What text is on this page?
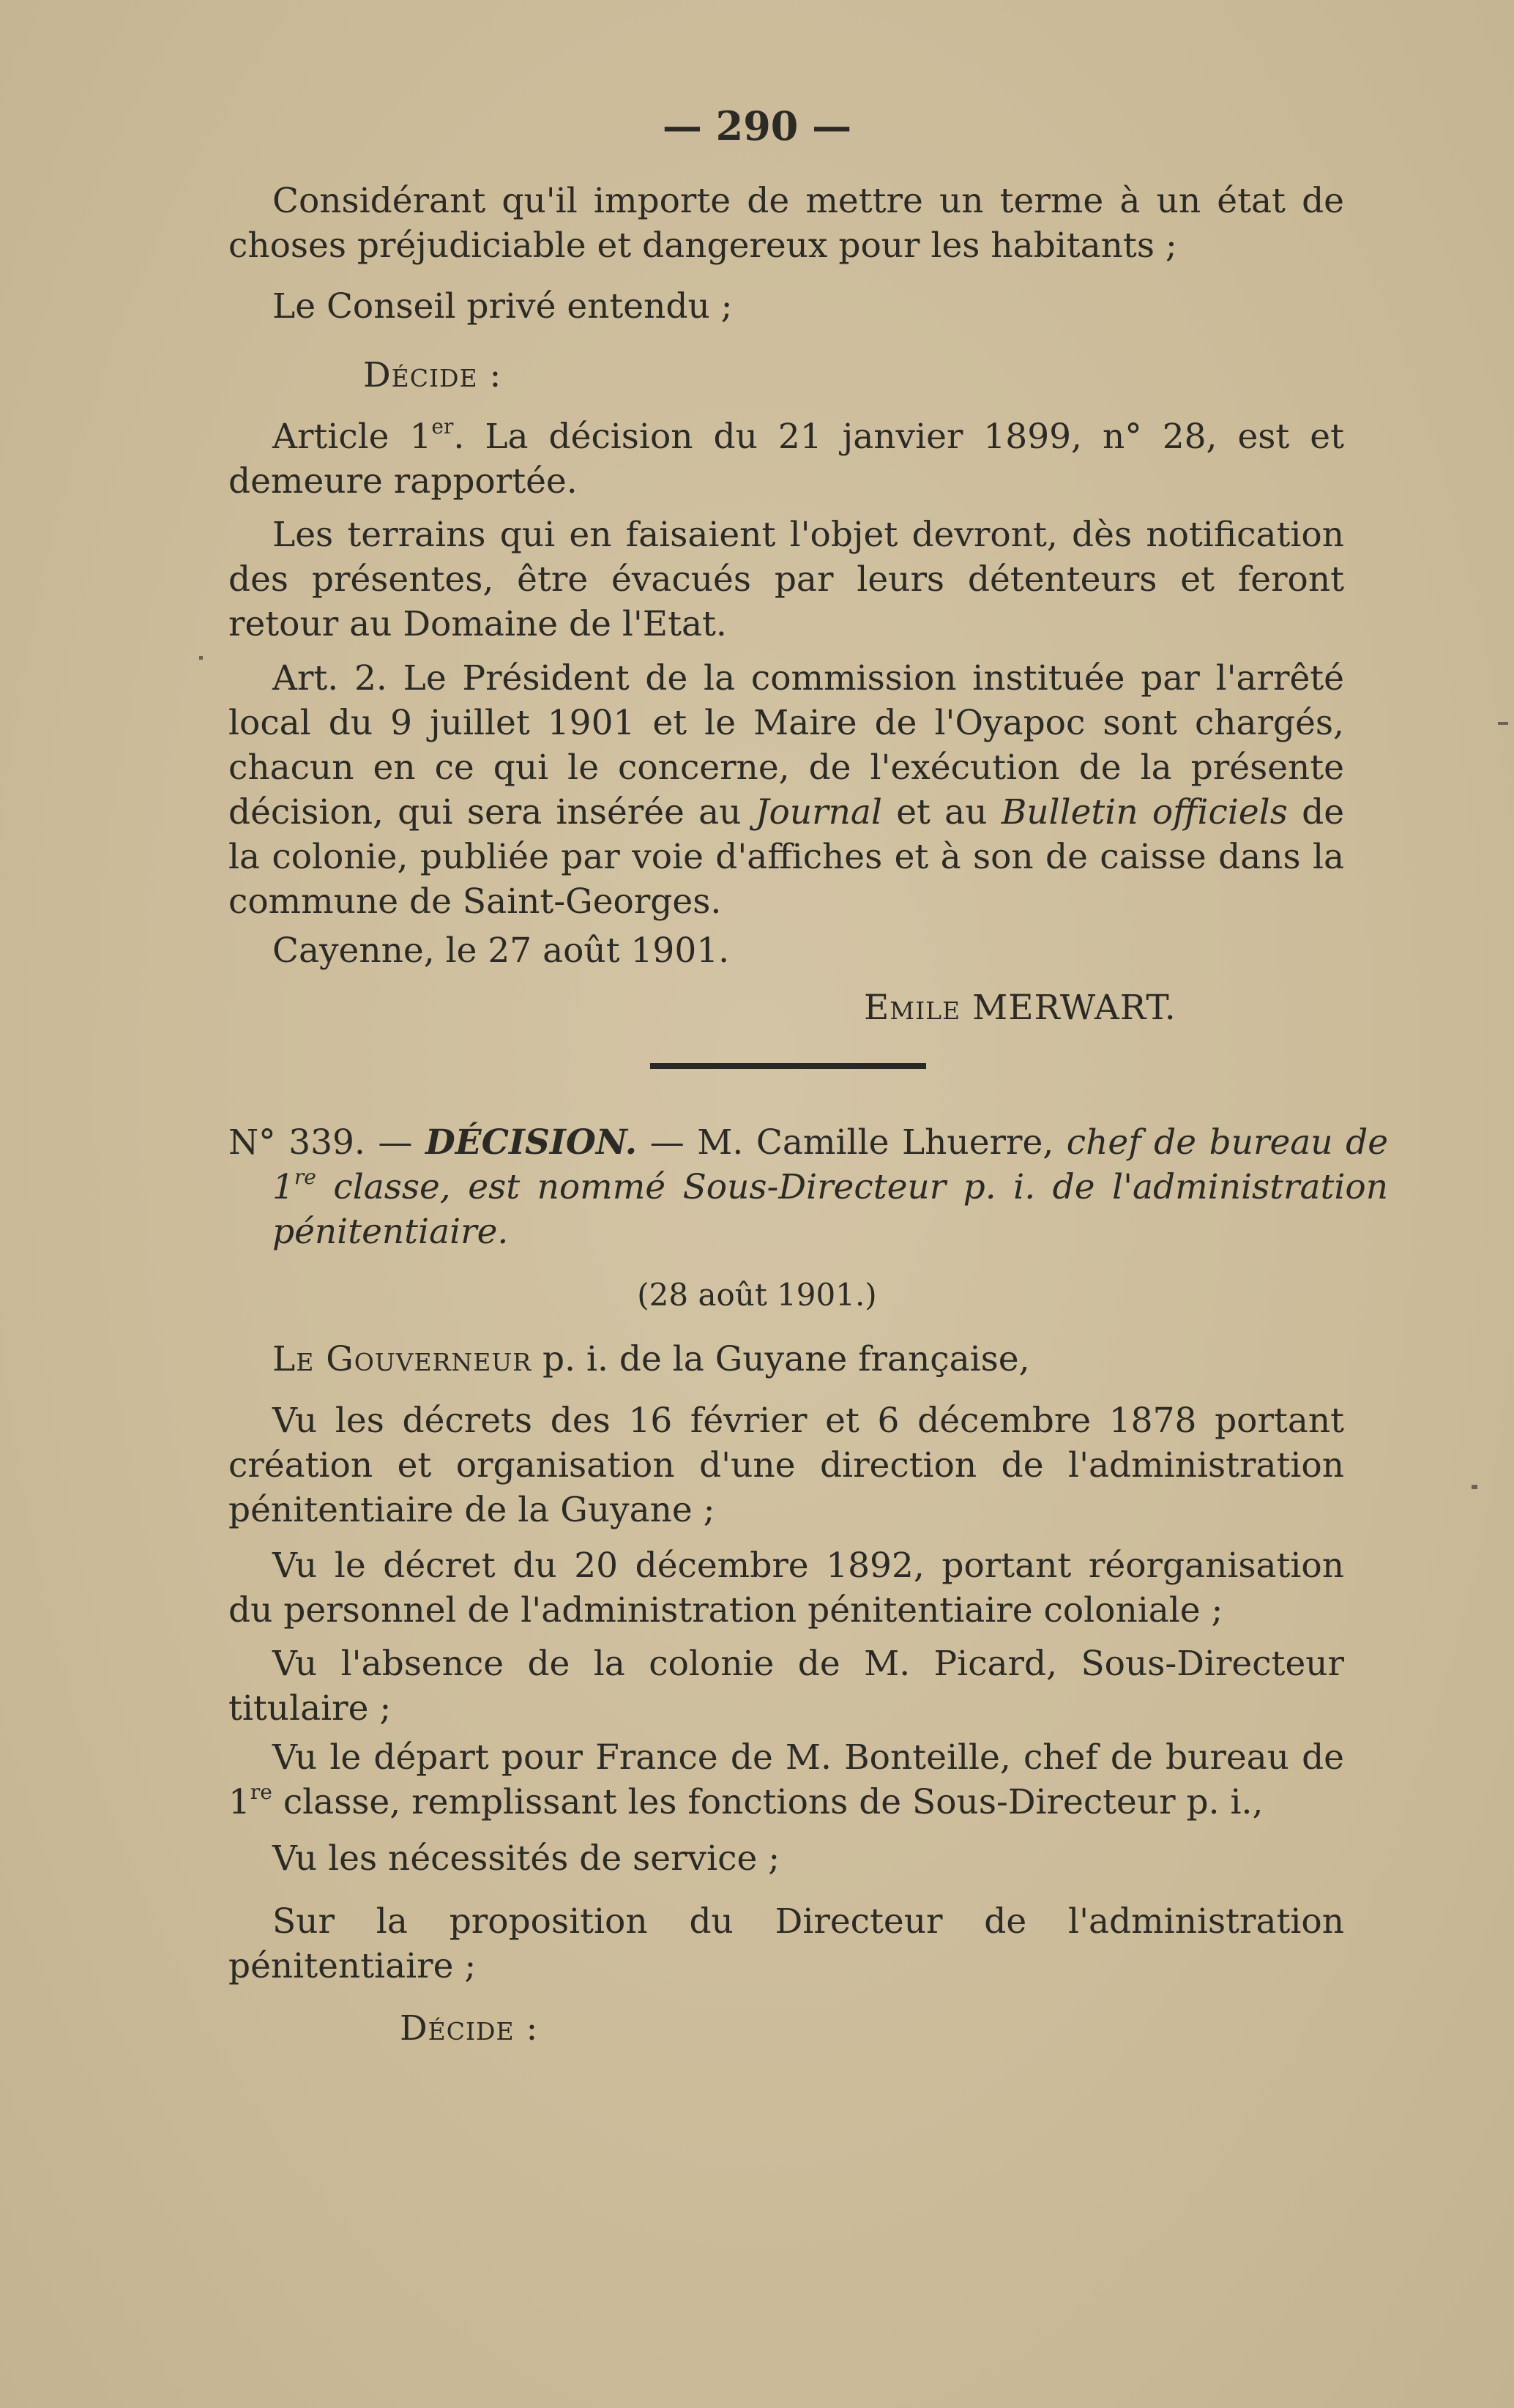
— 290 —
Considérant qu'il importe de mettre un terme à un état de choses préjudiciable et dangereux pour les habitants ;
Le Conseil privé entendu ;
Décide :
Article 1er. La décision du 21 janvier 1899, n° 28, est et demeure rapportée.
Les terrains qui en faisaient l'objet devront, dès notification des présentes, être évacués par leurs détenteurs et feront retour au Domaine de l'Etat.
Art. 2. Le Président de la commission instituée par l'arrêté local du 9 juillet 1901 et le Maire de l'Oyapoc sont chargés, chacun en ce qui le concerne, de l'exécution de la présente décision, qui sera insérée au Journal et au Bulletin officiels de la colonie, publiée par voie d'affiches et à son de caisse dans la commune de Saint-Georges.
Cayenne, le 27 août 1901.
Emile MERWART.
N° 339. — DÉCISION. — M. Camille Lhuerre, chef de bureau de 1re classe, est nommé Sous-Directeur p. i. de l'administration pénitentiaire.
(28 août 1901.)
Le Gouverneur p. i. de la Guyane française,
Vu les décrets des 16 février et 6 décembre 1878 portant création et organisation d'une direction de l'administration pénitentiaire de la Guyane ;
Vu le décret du 20 décembre 1892, portant réorganisation du personnel de l'administration pénitentiaire coloniale ;
Vu l'absence de la colonie de M. Picard, Sous-Directeur titulaire ;
Vu le départ pour France de M. Bonteille, chef de bureau de 1re classe, remplissant les fonctions de Sous-Directeur p. i.,
Vu les nécessités de service ;
Sur la proposition du Directeur de l'administration pénitentiaire ;
Décide :
